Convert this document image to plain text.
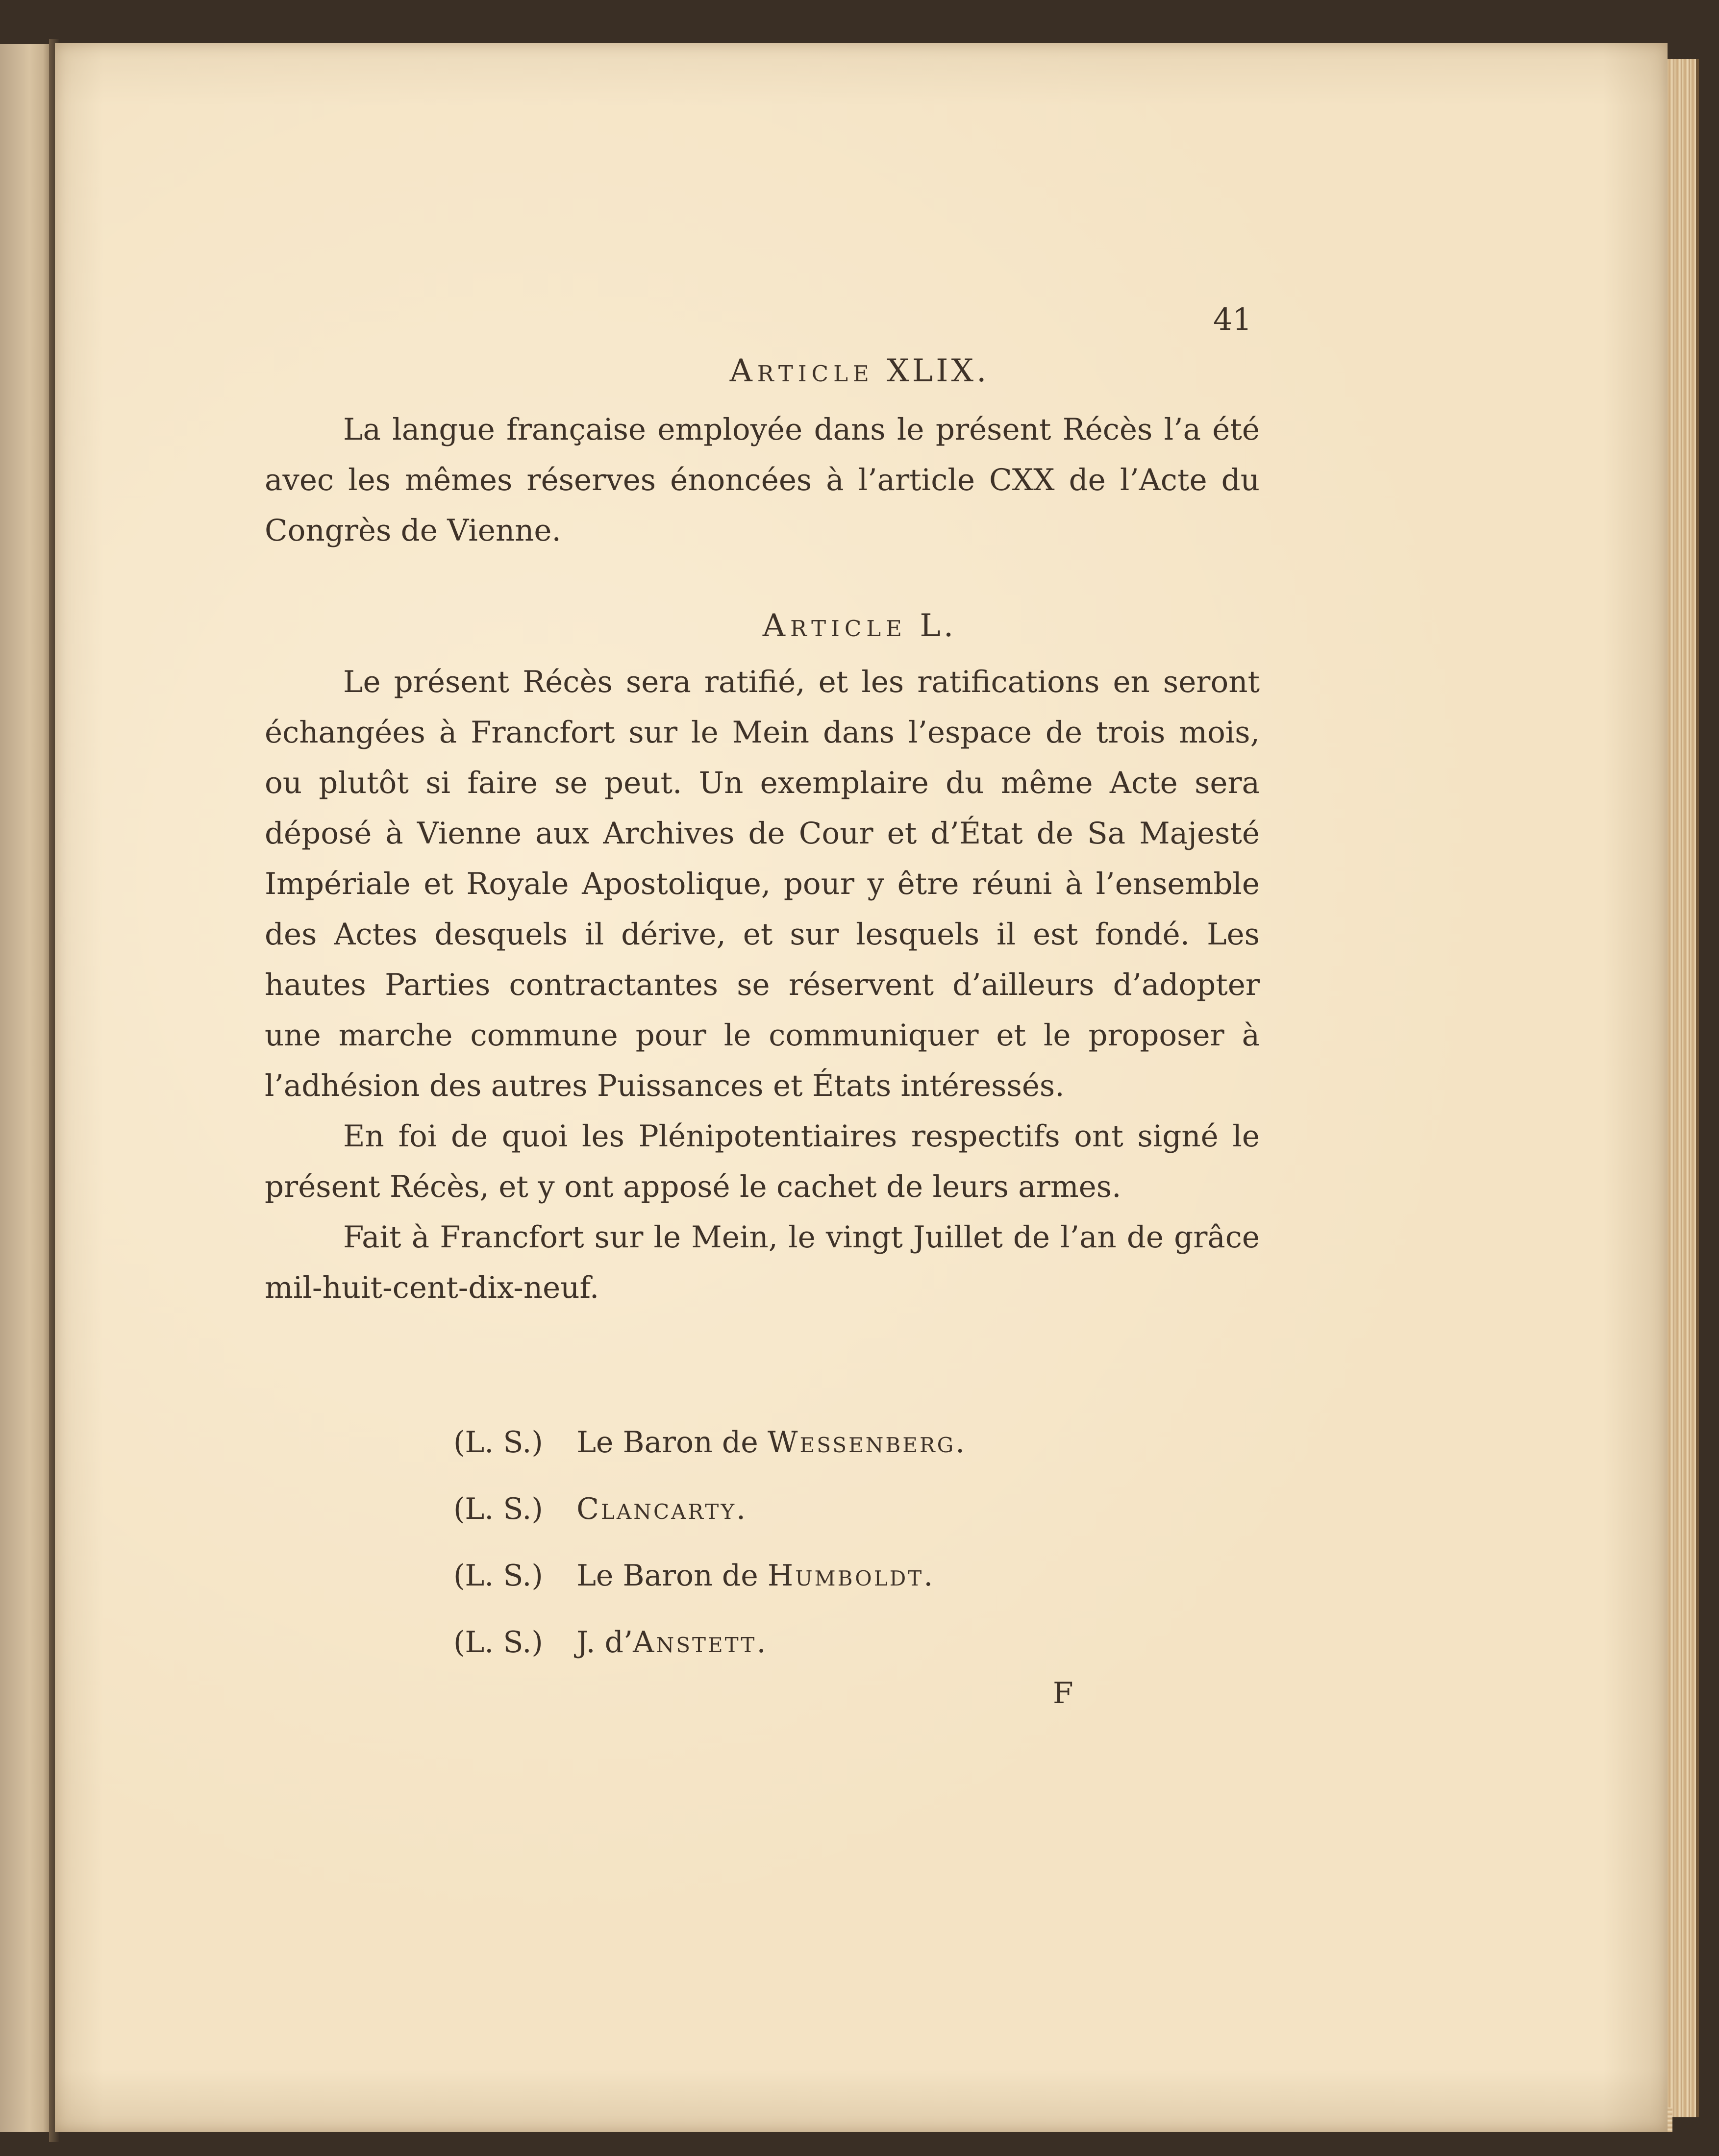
41
Article XLIX.

La langue française employée dans le présent Récès l’a été avec les mêmes réserves énoncées à l’article CXX de l’Acte du Congrès de Vienne.

Article L.

Le présent Récès sera ratifié, et les ratifications en seront échangées à Francfort sur le Mein dans l’espace de trois mois, ou plutôt si faire se peut. Un exemplaire du même Acte sera déposé à Vienne aux Archives de Cour et d’État de Sa Majesté Impériale et Royale Apostolique, pour y être réuni à l’ensemble des Actes desquels il dérive, et sur lesquels il est fondé. Les hautes Parties contractantes se réservent d’ailleurs d’adopter une marche commune pour le communiquer et le proposer à l’adhésion des autres Puissances et États intéressés.

En foi de quoi les Plénipotentiaires respectifs ont signé le présent Récès, et y ont apposé le cachet de leurs armes.

Fait à Francfort sur le Mein, le vingt Juillet de l’an de grâce mil-huit-cent-dix-neuf.

(L. S.) Le Baron de Wessenberg.
(L. S.) Clancarty.
(L. S.) Le Baron de Humboldt.
(L. S.) J. d’Anstett.
F
